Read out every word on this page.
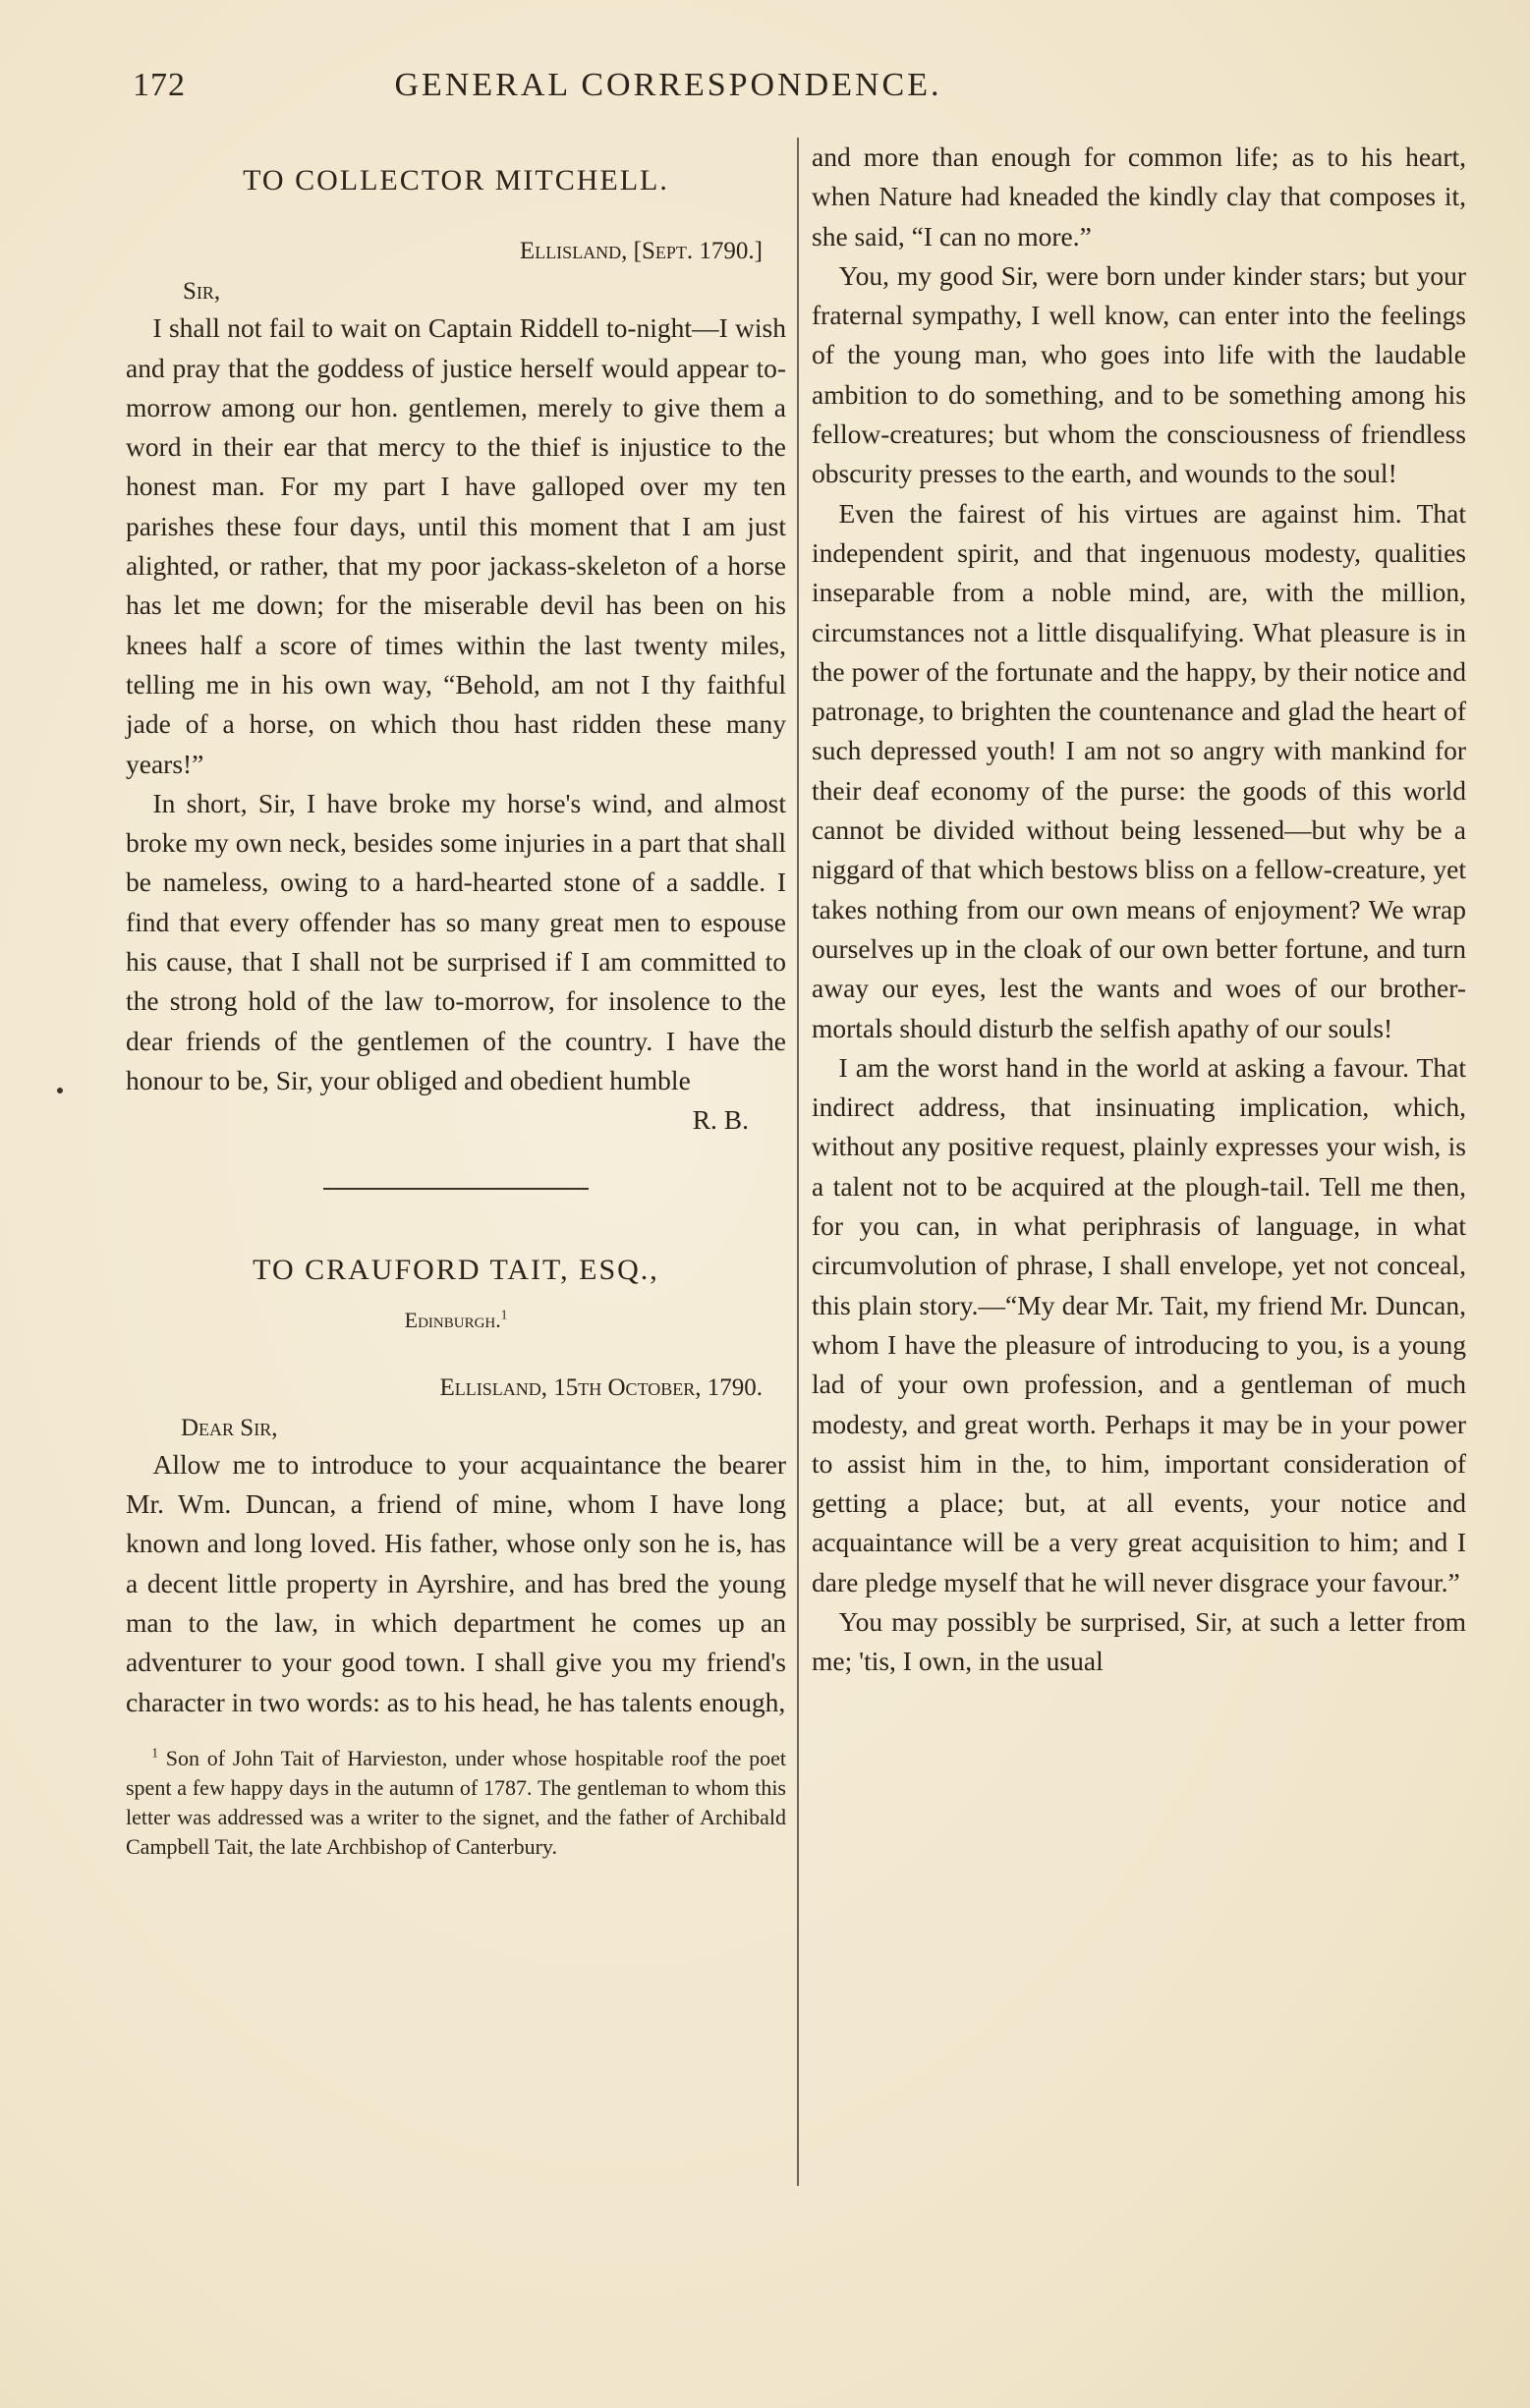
172	GENERAL CORRESPONDENCE.
TO COLLECTOR MITCHELL.
Ellisland, [Sept. 1790.]
Sir,

I shall not fail to wait on Captain Riddell to-night—I wish and pray that the goddess of justice herself would appear to-morrow among our hon. gentlemen, merely to give them a word in their ear that mercy to the thief is injustice to the honest man. For my part I have galloped over my ten parishes these four days, until this moment that I am just alighted, or rather, that my poor jackass-skeleton of a horse has let me down; for the miserable devil has been on his knees half a score of times within the last twenty miles, telling me in his own way, “Behold, am not I thy faithful jade of a horse, on which thou hast ridden these many years!”

In short, Sir, I have broke my horse's wind, and almost broke my own neck, besides some injuries in a part that shall be nameless, owing to a hard-hearted stone of a saddle. I find that every offender has so many great men to espouse his cause, that I shall not be surprised if I am committed to the strong hold of the law to-morrow, for insolence to the dear friends of the gentlemen of the country. I have the honour to be, Sir, your obliged and obedient humble

R. B.
TO CRAUFORD TAIT, ESQ.,
Edinburgh.$^1$
Ellisland, 15th October, 1790.
Dear Sir,

Allow me to introduce to your acquaintance the bearer Mr. Wm. Duncan, a friend of mine, whom I have long known and long loved. His father, whose only son he is, has a decent little property in Ayrshire, and has bred the young man to the law, in which department he comes up an adventurer to your good town. I shall give you my friend's character in two words: as to his head, he has talents enough,

$^1$ Son of John Tait of Harvieston, under whose hospitable roof the poet spent a few happy days in the autumn of 1787. The gentleman to whom this letter was addressed was a writer to the signet, and the father of Archibald Campbell Tait, the late Archbishop of Canterbury.

and more than enough for common life; as to his heart, when Nature had kneaded the kindly clay that composes it, she said, “I can no more.”

You, my good Sir, were born under kinder stars; but your fraternal sympathy, I well know, can enter into the feelings of the young man, who goes into life with the laudable ambition to do something, and to be something among his fellow-creatures; but whom the consciousness of friendless obscurity presses to the earth, and wounds to the soul!

Even the fairest of his virtues are against him. That independent spirit, and that ingenuous modesty, qualities inseparable from a noble mind, are, with the million, circumstances not a little disqualifying. What pleasure is in the power of the fortunate and the happy, by their notice and patronage, to brighten the countenance and glad the heart of such depressed youth! I am not so angry with mankind for their deaf economy of the purse: the goods of this world cannot be divided without being lessened—but why be a niggard of that which bestows bliss on a fellow-creature, yet takes nothing from our own means of enjoyment? We wrap ourselves up in the cloak of our own better fortune, and turn away our eyes, lest the wants and woes of our brother-mortals should disturb the selfish apathy of our souls!

I am the worst hand in the world at asking a favour. That indirect address, that insinuating implication, which, without any positive request, plainly expresses your wish, is a talent not to be acquired at the plough-tail. Tell me then, for you can, in what periphrasis of language, in what circumvolution of phrase, I shall envelope, yet not conceal, this plain story.—“My dear Mr. Tait, my friend Mr. Duncan, whom I have the pleasure of introducing to you, is a young lad of your own profession, and a gentleman of much modesty, and great worth. Perhaps it may be in your power to assist him in the, to him, important consideration of getting a place; but, at all events, your notice and acquaintance will be a very great acquisition to him; and I dare pledge myself that he will never disgrace your favour.”

You may possibly be surprised, Sir, at such a letter from me; 'tis, I own, in the usual
